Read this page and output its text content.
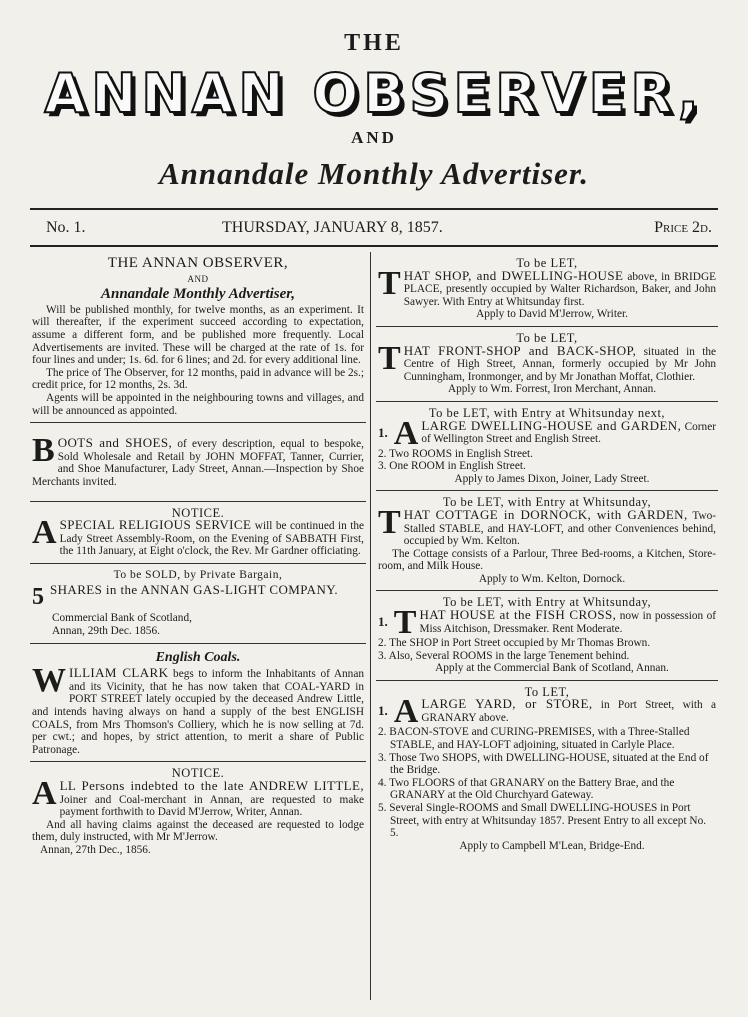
THE
ANNAN OBSERVER,
AND
Annandale Monthly Advertiser.
No. 1.	THURSDAY, JANUARY 8, 1857.	Price 2d.
THE ANNAN OBSERVER,
AND
Annandale Monthly Advertiser,
Will be published monthly, for twelve months, as an experiment. It will thereafter, if the experiment succeed according to expectation, assume a different form, and be published more frequently. Local Advertisements are invited. These will be charged at the rate of 1s. for four lines and under; 1s. 6d. for 6 lines; and 2d. for every additional line.
The price of The Observer, for 12 months, paid in advance will be 2s.; credit price, for 12 months, 2s. 3d.
Agents will be appointed in the neighbouring towns and villages, and will be announced as appointed.
BOOTS and SHOES, of every description, equal to bespoke, Sold Wholesale and Retail by JOHN MOFFAT, Tanner, Currier, and Shoe Manufacturer, Lady Street, Annan.—Inspection by Shoe Merchants invited.
NOTICE.
A SPECIAL RELIGIOUS SERVICE will be continued in the Lady Street Assembly-Room, on the Evening of SABBATH First, the 11th January, at Eight o'clock, the Rev. Mr Gardner officiating.
To be SOLD, by Private Bargain,
5 SHARES in the ANNAN GAS-LIGHT COMPANY.
Commercial Bank of Scotland,
Annan, 29th Dec. 1856.
English Coals.
WILLIAM CLARK begs to inform the Inhabitants of Annan and its Vicinity, that he has now taken that COAL-YARD in PORT STREET lately occupied by the deceased Andrew Little, and intends having always on hand a supply of the best ENGLISH COALS, from Mrs Thomson's Colliery, which he is now selling at 7d. per cwt.; and hopes, by strict attention, to merit a share of Public Patronage.
NOTICE.
ALL Persons indebted to the late ANDREW LITTLE, Joiner and Coal-merchant in Annan, are requested to make payment forthwith to David M'Jerrow, Writer, Annan.
And all having claims against the deceased are requested to lodge them, duly instructed, with Mr M'Jerrow.
Annan, 27th Dec., 1856.
To be LET,
THAT SHOP, and DWELLING-HOUSE above, in BRIDGE PLACE, presently occupied by Walter Richardson, Baker, and John Sawyer. With Entry at Whitsunday first.
Apply to David M'Jerrow, Writer.
To be LET,
THAT FRONT-SHOP and BACK-SHOP, situated in the Centre of High Street, Annan, formerly occupied by Mr John Cunningham, Ironmonger, and by Mr Jonathan Moffat, Clothier.
Apply to Wm. Forrest, Iron Merchant, Annan.
To be LET, with Entry at Whitsunday next,
1. A LARGE DWELLING-HOUSE and GARDEN, Corner of Wellington Street and English Street.
2. Two ROOMS in English Street.
3. One ROOM in English Street.
Apply to James Dixon, Joiner, Lady Street.
To be LET, with Entry at Whitsunday,
THAT COTTAGE in DORNOCK, with GARDEN, Two-Stalled STABLE, and HAY-LOFT, and other Conveniences behind, occupied by Wm. Kelton.
The Cottage consists of a Parlour, Three Bed-rooms, a Kitchen, Store-room, and Milk House.
Apply to Wm. Kelton, Dornock.
To be LET, with Entry at Whitsunday,
1. T HAT HOUSE at the FISH CROSS, now in possession of Miss Aitchison, Dressmaker. Rent Moderate.
2. The SHOP in Port Street occupied by Mr Thomas Brown.
3. Also, Several ROOMS in the large Tenement behind.
Apply at the Commercial Bank of Scotland, Annan.
To LET,
1. A LARGE YARD, or STORE, in Port Street, with a GRANARY above.
2. BACON-STOVE and CURING-PREMISES, with a Three-Stalled STABLE, and HAY-LOFT adjoining, situated in Carlyle Place.
3. Those Two SHOPS, with DWELLING-HOUSE, situated at the End of the Bridge.
4. Two FLOORS of that GRANARY on the Battery Brae, and the GRANARY at the Old Churchyard Gateway.
5. Several Single-ROOMS and Small DWELLING-HOUSES in Port Street, with entry at Whitsunday 1857. Present Entry to all except No. 5.
Apply to Campbell M'Lean, Bridge-End.
